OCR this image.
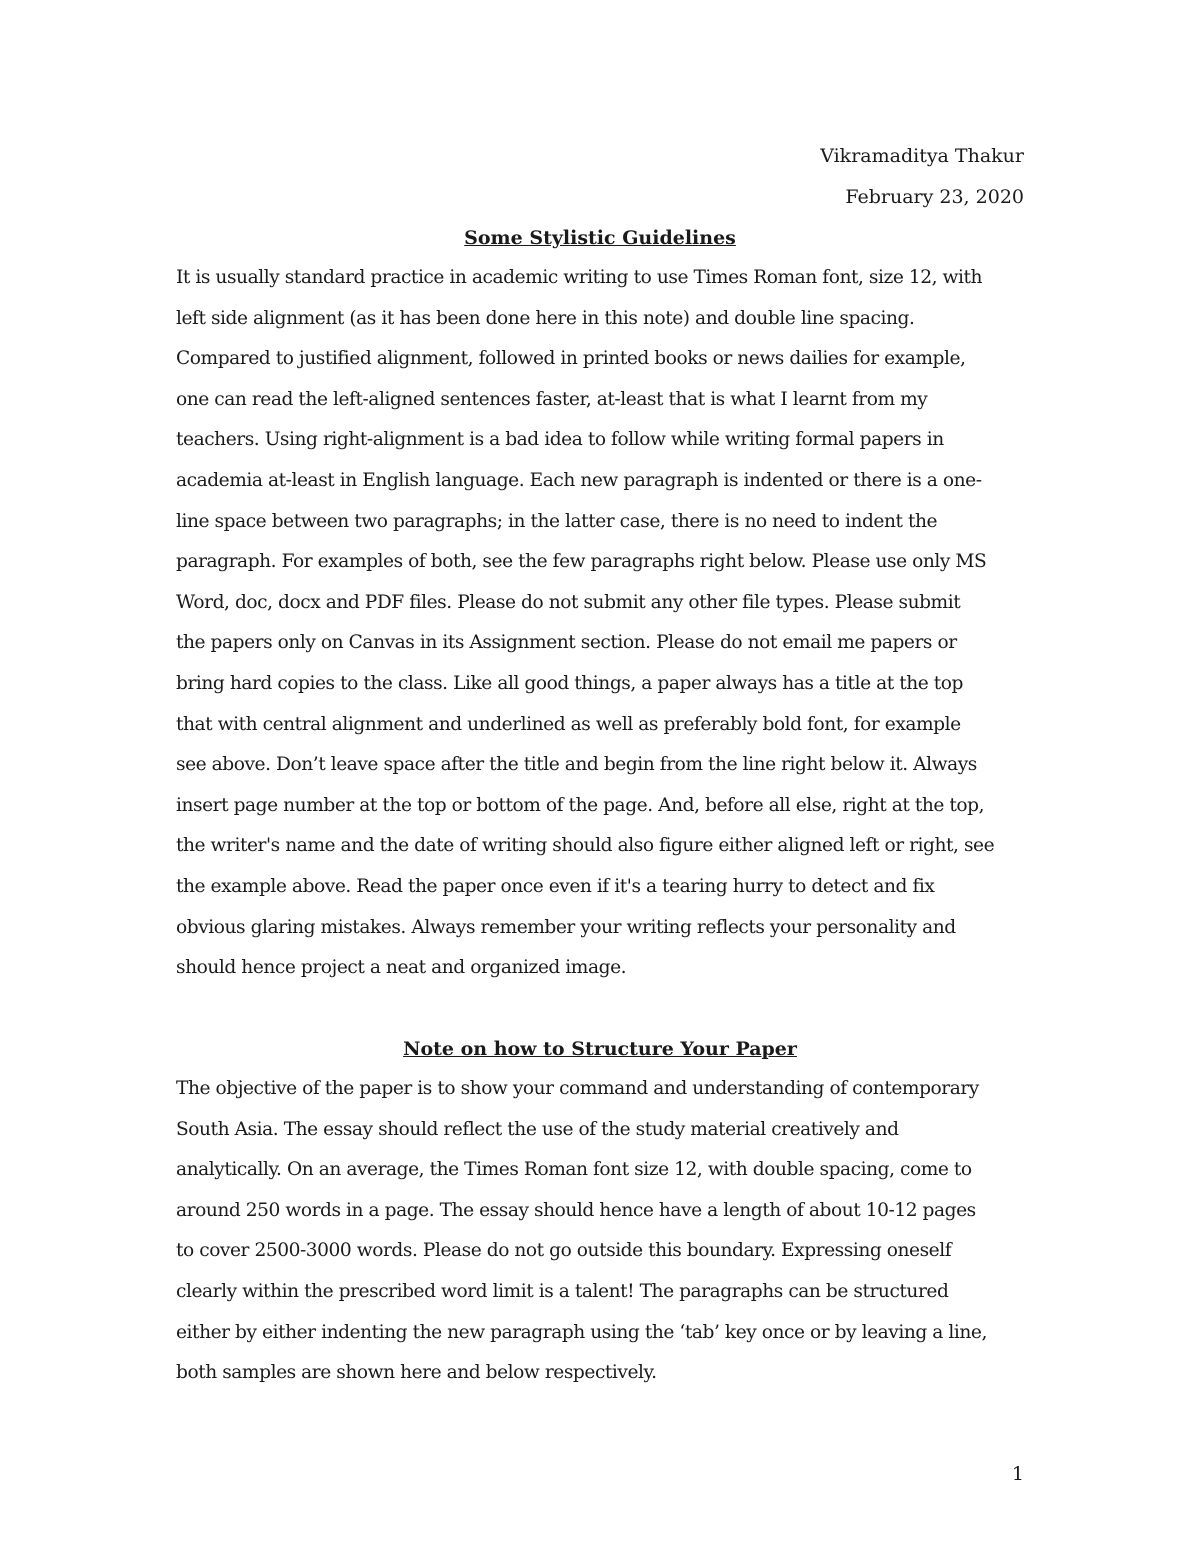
Vikramaditya Thakur
February 23, 2020
Some Stylistic Guidelines
It is usually standard practice in academic writing to use Times Roman font, size 12, with
left side alignment (as it has been done here in this note) and double line spacing.
Compared to justified alignment, followed in printed books or news dailies for example,
one can read the left-aligned sentences faster, at-least that is what I learnt from my
teachers. Using right-alignment is a bad idea to follow while writing formal papers in
academia at-least in English language. Each new paragraph is indented or there is a one-
line space between two paragraphs; in the latter case, there is no need to indent the
paragraph. For examples of both, see the few paragraphs right below. Please use only MS
Word, doc, docx and PDF files. Please do not submit any other file types. Please submit
the papers only on Canvas in its Assignment section. Please do not email me papers or
bring hard copies to the class. Like all good things, a paper always has a title at the top
that with central alignment and underlined as well as preferably bold font, for example
see above. Don’t leave space after the title and begin from the line right below it. Always
insert page number at the top or bottom of the page. And, before all else, right at the top,
the writer's name and the date of writing should also figure either aligned left or right, see
the example above. Read the paper once even if it's a tearing hurry to detect and fix
obvious glaring mistakes. Always remember your writing reflects your personality and
should hence project a neat and organized image.
Note on how to Structure Your Paper
The objective of the paper is to show your command and understanding of contemporary
South Asia. The essay should reflect the use of the study material creatively and
analytically. On an average, the Times Roman font size 12, with double spacing, come to
around 250 words in a page. The essay should hence have a length of about 10-12 pages
to cover 2500-3000 words. Please do not go outside this boundary. Expressing oneself
clearly within the prescribed word limit is a talent! The paragraphs can be structured
either by either indenting the new paragraph using the ‘tab’ key once or by leaving a line,
both samples are shown here and below respectively.
1
